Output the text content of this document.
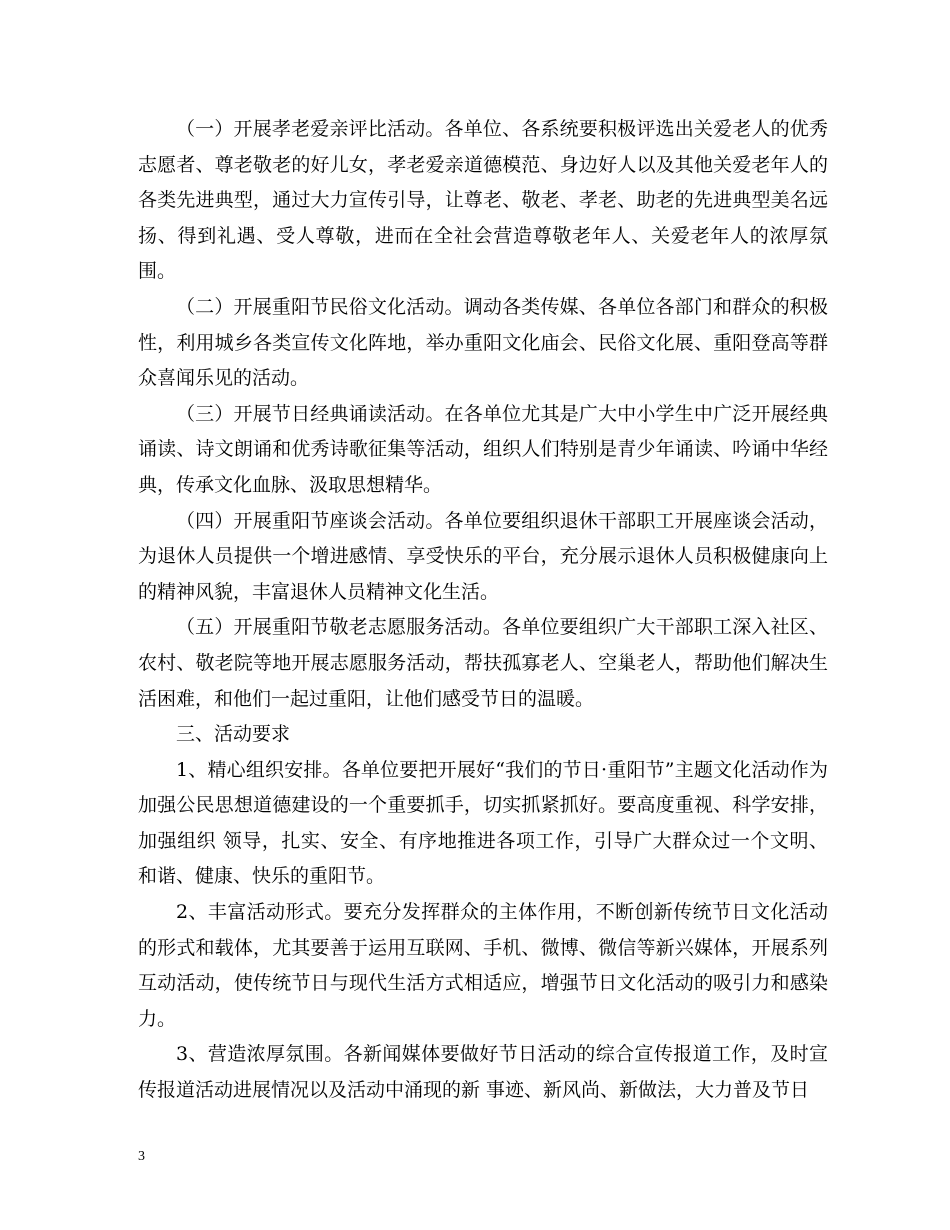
（一）开展孝老爱亲评比活动。各单位、各系统要积极评选出关爱老人的优秀志愿者、尊老敬老的好儿女，孝老爱亲道德模范、身边好人以及其他关爱老年人的各类先进典型，通过大力宣传引导，让尊老、敬老、孝老、助老的先进典型美名远扬、得到礼遇、受人尊敬，进而在全社会营造尊敬老年人、关爱老年人的浓厚氛围。

（二）开展重阳节民俗文化活动。调动各类传媒、各单位各部门和群众的积极性，利用城乡各类宣传文化阵地，举办重阳文化庙会、民俗文化展、重阳登高等群众喜闻乐见的活动。

（三）开展节日经典诵读活动。在各单位尤其是广大中小学生中广泛开展经典诵读、诗文朗诵和优秀诗歌征集等活动，组织人们特别是青少年诵读、吟诵中华经典，传承文化血脉、汲取思想精华。

（四）开展重阳节座谈会活动。各单位要组织退休干部职工开展座谈会活动，为退休人员提供一个增进感情、享受快乐的平台，充分展示退休人员积极健康向上的精神风貌，丰富退休人员精神文化生活。

（五）开展重阳节敬老志愿服务活动。各单位要组织广大干部职工深入社区、农村、敬老院等地开展志愿服务活动，帮扶孤寡老人、空巢老人，帮助他们解决生活困难，和他们一起过重阳，让他们感受节日的温暖。

三、活动要求

1、精心组织安排。各单位要把开展好“我们的节日·重阳节”主题文化活动作为加强公民思想道德建设的一个重要抓手，切实抓紧抓好。要高度重视、科学安排，加强组织 领导，扎实、安全、有序地推进各项工作，引导广大群众过一个文明、和谐、健康、快乐的重阳节。

2、丰富活动形式。要充分发挥群众的主体作用，不断创新传统节日文化活动的形式和载体，尤其要善于运用互联网、手机、微博、微信等新兴媒体，开展系列互动活动，使传统节日与现代生活方式相适应，增强节日文化活动的吸引力和感染力。

3、营造浓厚氛围。各新闻媒体要做好节日活动的综合宣传报道工作，及时宣传报道活动进展情况以及活动中涌现的新 事迹、新风尚、新做法，大力普及节日

3
